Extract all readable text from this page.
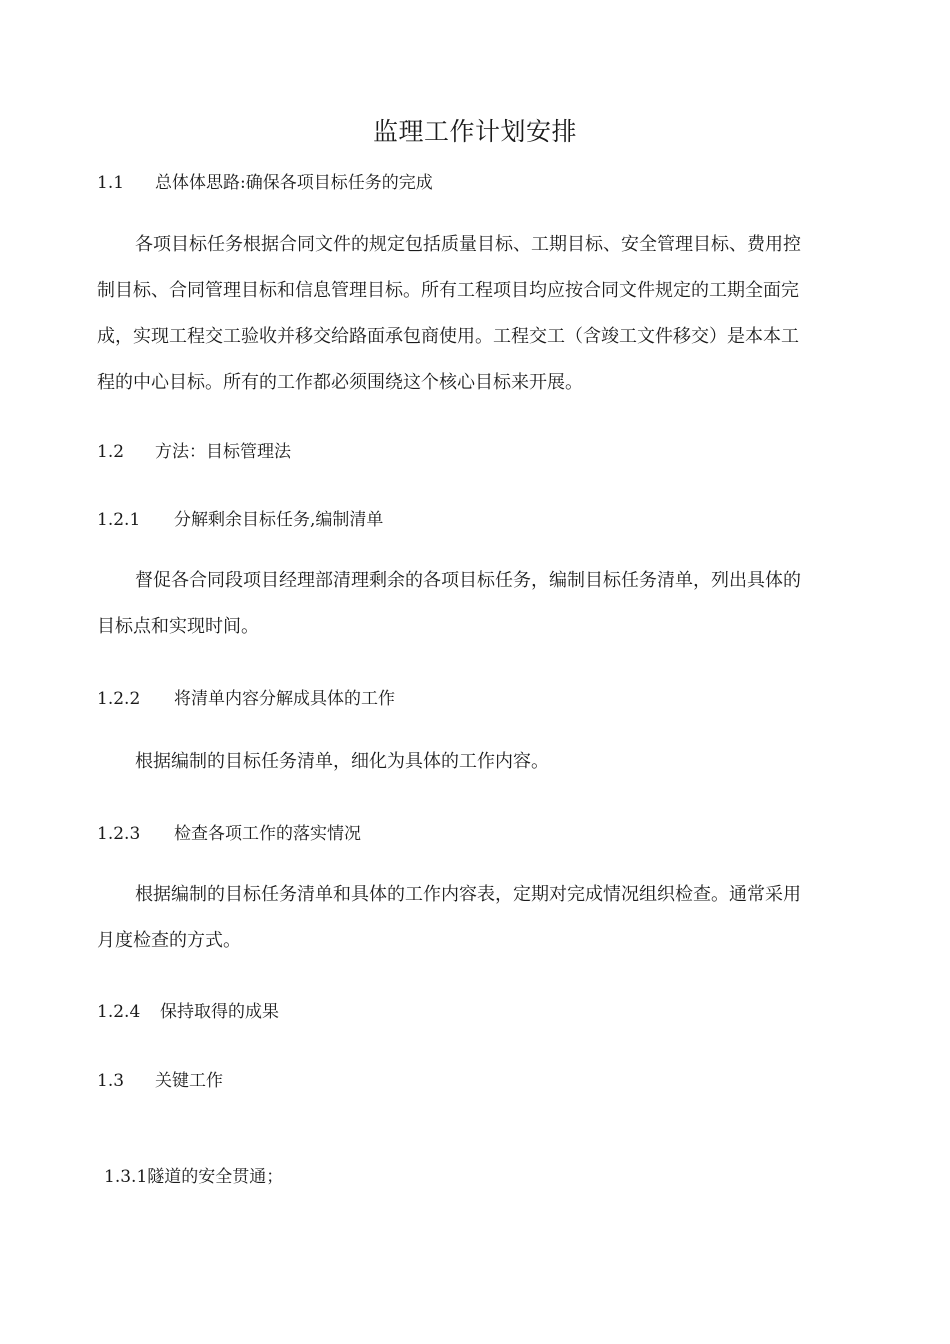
监理工作计划安排
1.1 总体体思路:确保各项目标任务的完成
各项目标任务根据合同文件的规定包括质量目标、工期目标、安全管理目标、费用控
制目标、合同管理目标和信息管理目标。所有工程项目均应按合同文件规定的工期全面完
成，实现工程交工验收并移交给路面承包商使用。工程交工（含竣工文件移交）是本本工
程的中心目标。所有的工作都必须围绕这个核心目标来开展。
1.2 方法：目标管理法
1.2.1 分解剩余目标任务,编制清单
督促各合同段项目经理部清理剩余的各项目标任务，编制目标任务清单，列出具体的
目标点和实现时间。
1.2.2 将清单内容分解成具体的工作
根据编制的目标任务清单，细化为具体的工作内容。
1.2.3 检查各项工作的落实情况
根据编制的目标任务清单和具体的工作内容表，定期对完成情况组织检查。通常采用
月度检查的方式。
1.2.4 保持取得的成果
1.3 关键工作
1.3.1隧道的安全贯通；
